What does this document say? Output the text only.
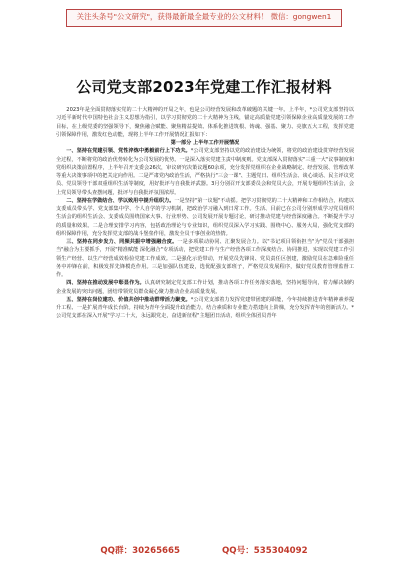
关注头条号"公文研究"，获得最新最全最专业的公文材料！ 微信：gongwen1
公司党支部2023年党建工作汇报材料

2023年是全面贯彻落实党的二十大精神的开局之年，也是公司经营发展和改革破题的关键一年。上半年，*公司党支部坚持以习近平新时代中国特色社会主义思想为指引，以学习贯彻党的二十大精神为主线，锚定高质量党建引领保障企业高质量发展的工作目标，在上级党委的坚强领导下，聚焦融合赋能、聚焦精益提效、体系化推进筑根、铸魂、强基、聚力、亮旗五大工程，发挥党建引领保障作用，激发红色动能，现将上半年工作开展情况汇报如下：

第一部分 上半年工作开展情况

一、坚持在党建引领、党性淬炼中勇毅前行上下功夫。*公司党支部坚持以党的政治建设为统领，将党的政治建设贯穿经营发展全过程，不断将党的政治优势转化为公司发展的优势。一是深入落实党建主责中制度则。党支部深入贯彻落实"三重一大"议事制度和党组织决策前置程序，上半年召开支委会26次，审议研究决策议题60余项，充分发挥党组织在企业战略制定、经营发展、管理改革等重大决策事项中的把关定向作用。二是严肃党内政治生活，严格执行"三会一课"、主题党日、组织生活会、谈心谈话、民主评议党员、党员领导干部双重组织生活等制度，用好批评与自我批评武器。3月分别召开支部委员会和党员大会，开展专题组织生活会，会上党员领导带头查摆问题，批评与自我批评氛围浓厚。

二、坚持在学做结合、学以致用中提升组织力。一是坚持"第一议题"不动摇。把学习贯彻党的二十大精神和工作相结合，构建以支委成员带头学、党支部集中学、个人自学的学习机制，把政治学习融入到日常工作。生活、目前已在公司分别形成学习党员组织生活会的组织生活会、支委成员围绕国家大事、行业形势、公司发展开展专题讨论，研讨推动党建与经营深度融合。不断提升学习的质量和效果。二是合理安排学习内容，包括政治理论与专业知识，组织党员深入学习实践、围绕中心、服务大局，强化党支部的组织保障作用，充分发挥党支部的战斗堡垒作用，激发全员干事创业的热情。

三、坚持在同步发力、同频共振中增强融合度。一是多项联动协同、汇聚发展合力。以"书记项目领衔担当"为"党员干部强担当"融合为主要抓手，开展"精准赋能 深化融合"专项活动，把党建工作与生产经营各项工作深度结合、协同推进，实现以党建工作引领生产经营、以生产经营成效检验党建工作成效。二是强化示范带动，开展党员先锋岗、党员责任区创建，激励党员在急难险重任务中冲锋在前，积极发挥先锋模范作用。三是加强队伍建设，选优配强支部班子，严格党员发展程序，做好党员教育管理监督工作。

四、坚持在推动发展中彰显作为。认真研究制定党支部工作计划，推动各项工作任务落实落地，坚持问题导向，着力解决制约企业发展的突出问题，团结带领党员群众凝心聚力推动企业高质量发展。

五、坚持在岗位建功、价值共创中推动群带活力聚变。*公司党支部着力发挥党建带团建的职能，今年持续推进青年精神素养提升工程、一是扩展青年成长台阶。持续为青年全面提升政治能力，结合素质和专业能力搭建向上阶梯，充分发挥青年的创新活力。*公司党支部在深入开展"学习二十大，永远跟党走，奋进新征程"主题团日活动，组织全体团员青年

QQ群：30265665	QQ号：535304092
